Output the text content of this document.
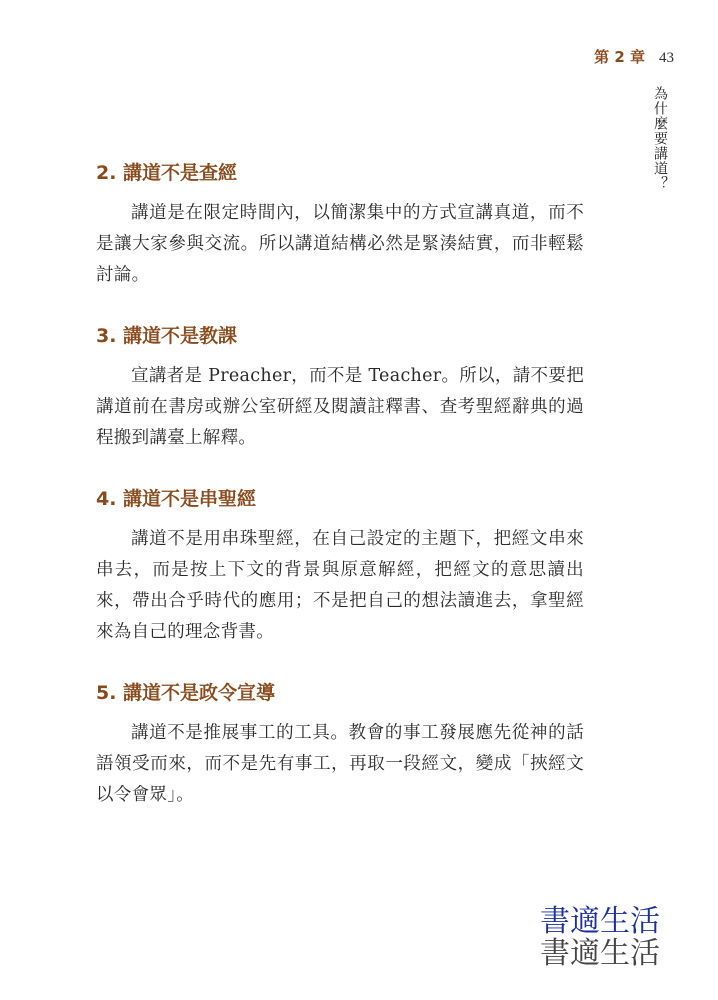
第 2 章 43
為什麼要講道？
2. 講道不是查經

講道是在限定時間內，以簡潔集中的方式宣講真道，而不是讓大家參與交流。所以講道結構必然是緊湊結實，而非輕鬆討論。

3. 講道不是教課

宣講者是 Preacher，而不是 Teacher。所以，請不要把講道前在書房或辦公室研經及閱讀註釋書、查考聖經辭典的過程搬到講臺上解釋。

4. 講道不是串聖經

講道不是用串珠聖經，在自己設定的主題下，把經文串來串去，而是按上下文的背景與原意解經，把經文的意思讀出來，帶出合乎時代的應用；不是把自己的想法讀進去，拿聖經來為自己的理念背書。

5. 講道不是政令宣導

講道不是推展事工的工具。教會的事工發展應先從神的話語領受而來，而不是先有事工，再取一段經文，變成「挾經文以令會眾」。

書適生活
書適生活
